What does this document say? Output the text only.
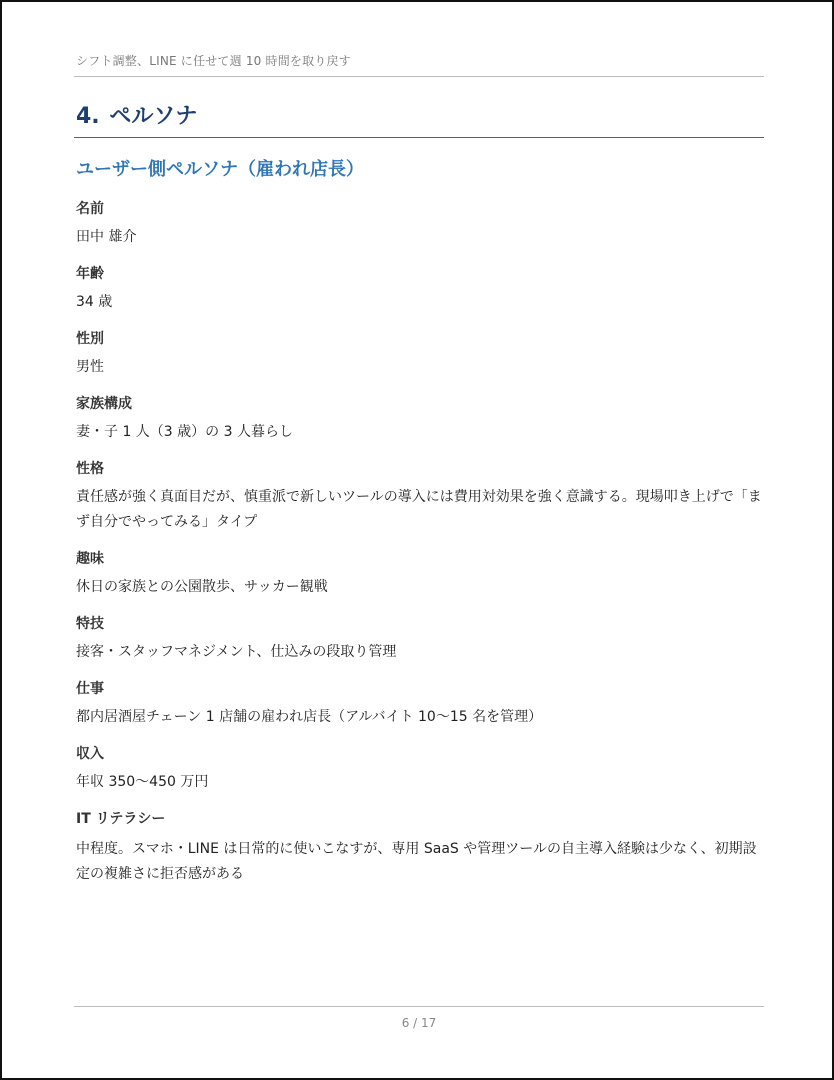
シフト調整、LINE に任せて週 10 時間を取り戻す
4. ペルソナ
ユーザー側ペルソナ（雇われ店長）
名前
田中 雄介
年齢
34 歳
性別
男性
家族構成
妻・子 1 人（3 歳）の 3 人暮らし
性格
責任感が強く真面目だが、慎重派で新しいツールの導入には費用対効果を強く意識する。現場叩き上げで「まず自分でやってみる」タイプ
趣味
休日の家族との公園散歩、サッカー観戦
特技
接客・スタッフマネジメント、仕込みの段取り管理
仕事
都内居酒屋チェーン 1 店舗の雇われ店長（アルバイト 10〜15 名を管理）
収入
年収 350〜450 万円
IT リテラシー
中程度。スマホ・LINE は日常的に使いこなすが、専用 SaaS や管理ツールの自主導入経験は少なく、初期設定の複雑さに拒否感がある
6 / 17
